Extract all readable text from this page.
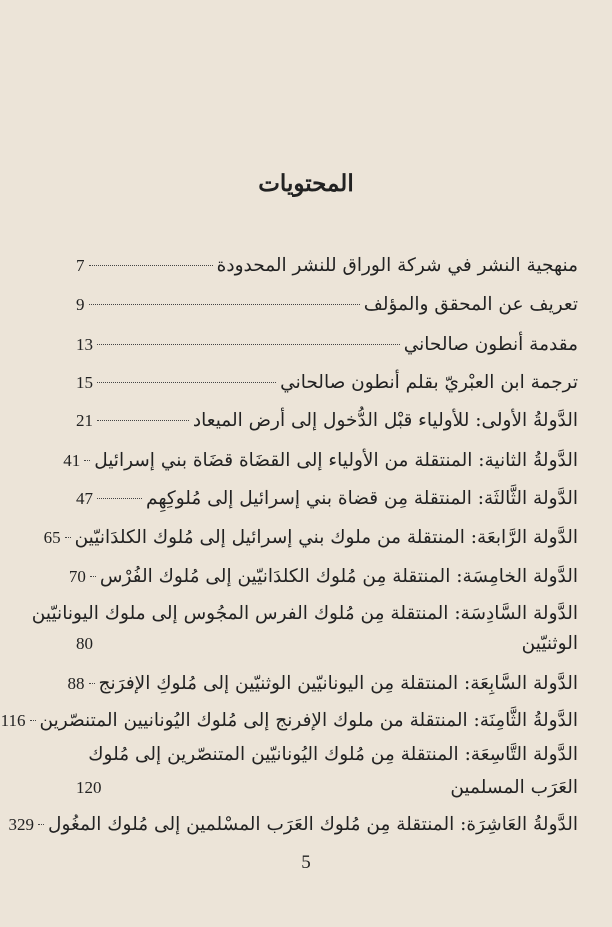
المحتويات
منهجية النشر في شركة الوراق للنشر المحدودة
7
تعريف عن المحقق والمؤلف
9
مقدمة أنطون صالحاني
13
ترجمة ابن العبْريّ بقلم أنطون صالحاني
15
الدَّولةُ الأولى: للأولياء قبْل الدُّخول إلى أرض الميعاد
21
الدَّولةُ الثانية: المنتقلة من الأولياء إلى القضَاة قضَاة بني إسرائيل
41
الدَّولة الثَّالثَة: المنتقلة مِن قضاة بني إسرائيل إلى مُلوكِهِم
47
الدَّولة الرَّابعَة: المنتقلة من ملوك بني إسرائيل إلى مُلوك الكلدَانيّين
65
الدَّولة الخامِسَة: المنتقلة مِن مُلوك الكلدَانيّين إلى مُلوك الفُرْس
70
الدَّولة السَّادِسَة: المنتقلة مِن مُلوك الفرس المجُوس إلى ملوك اليونانيّين
الوثنيّين
80
الدَّولة السَّابِعَة: المنتقلة مِن اليونانيّين الوثنيّين إلى مُلوكِ الإفرَنج
88
الدَّولةُ الثَّامِنَة: المنتقلة من ملوك الإفرنج إلى مُلوك اليُونانيين المتنصّرين
116
الدَّولة التَّاسِعَة: المنتقلة مِن مُلوك اليُونانيّين المتنصّرين إلى مُلوك
العَرَب المسلمين
120
الدَّولةُ العَاشِرَة: المنتقلة مِن مُلوك العَرَب المسْلمين إلى مُلوك المغُول
329
5
